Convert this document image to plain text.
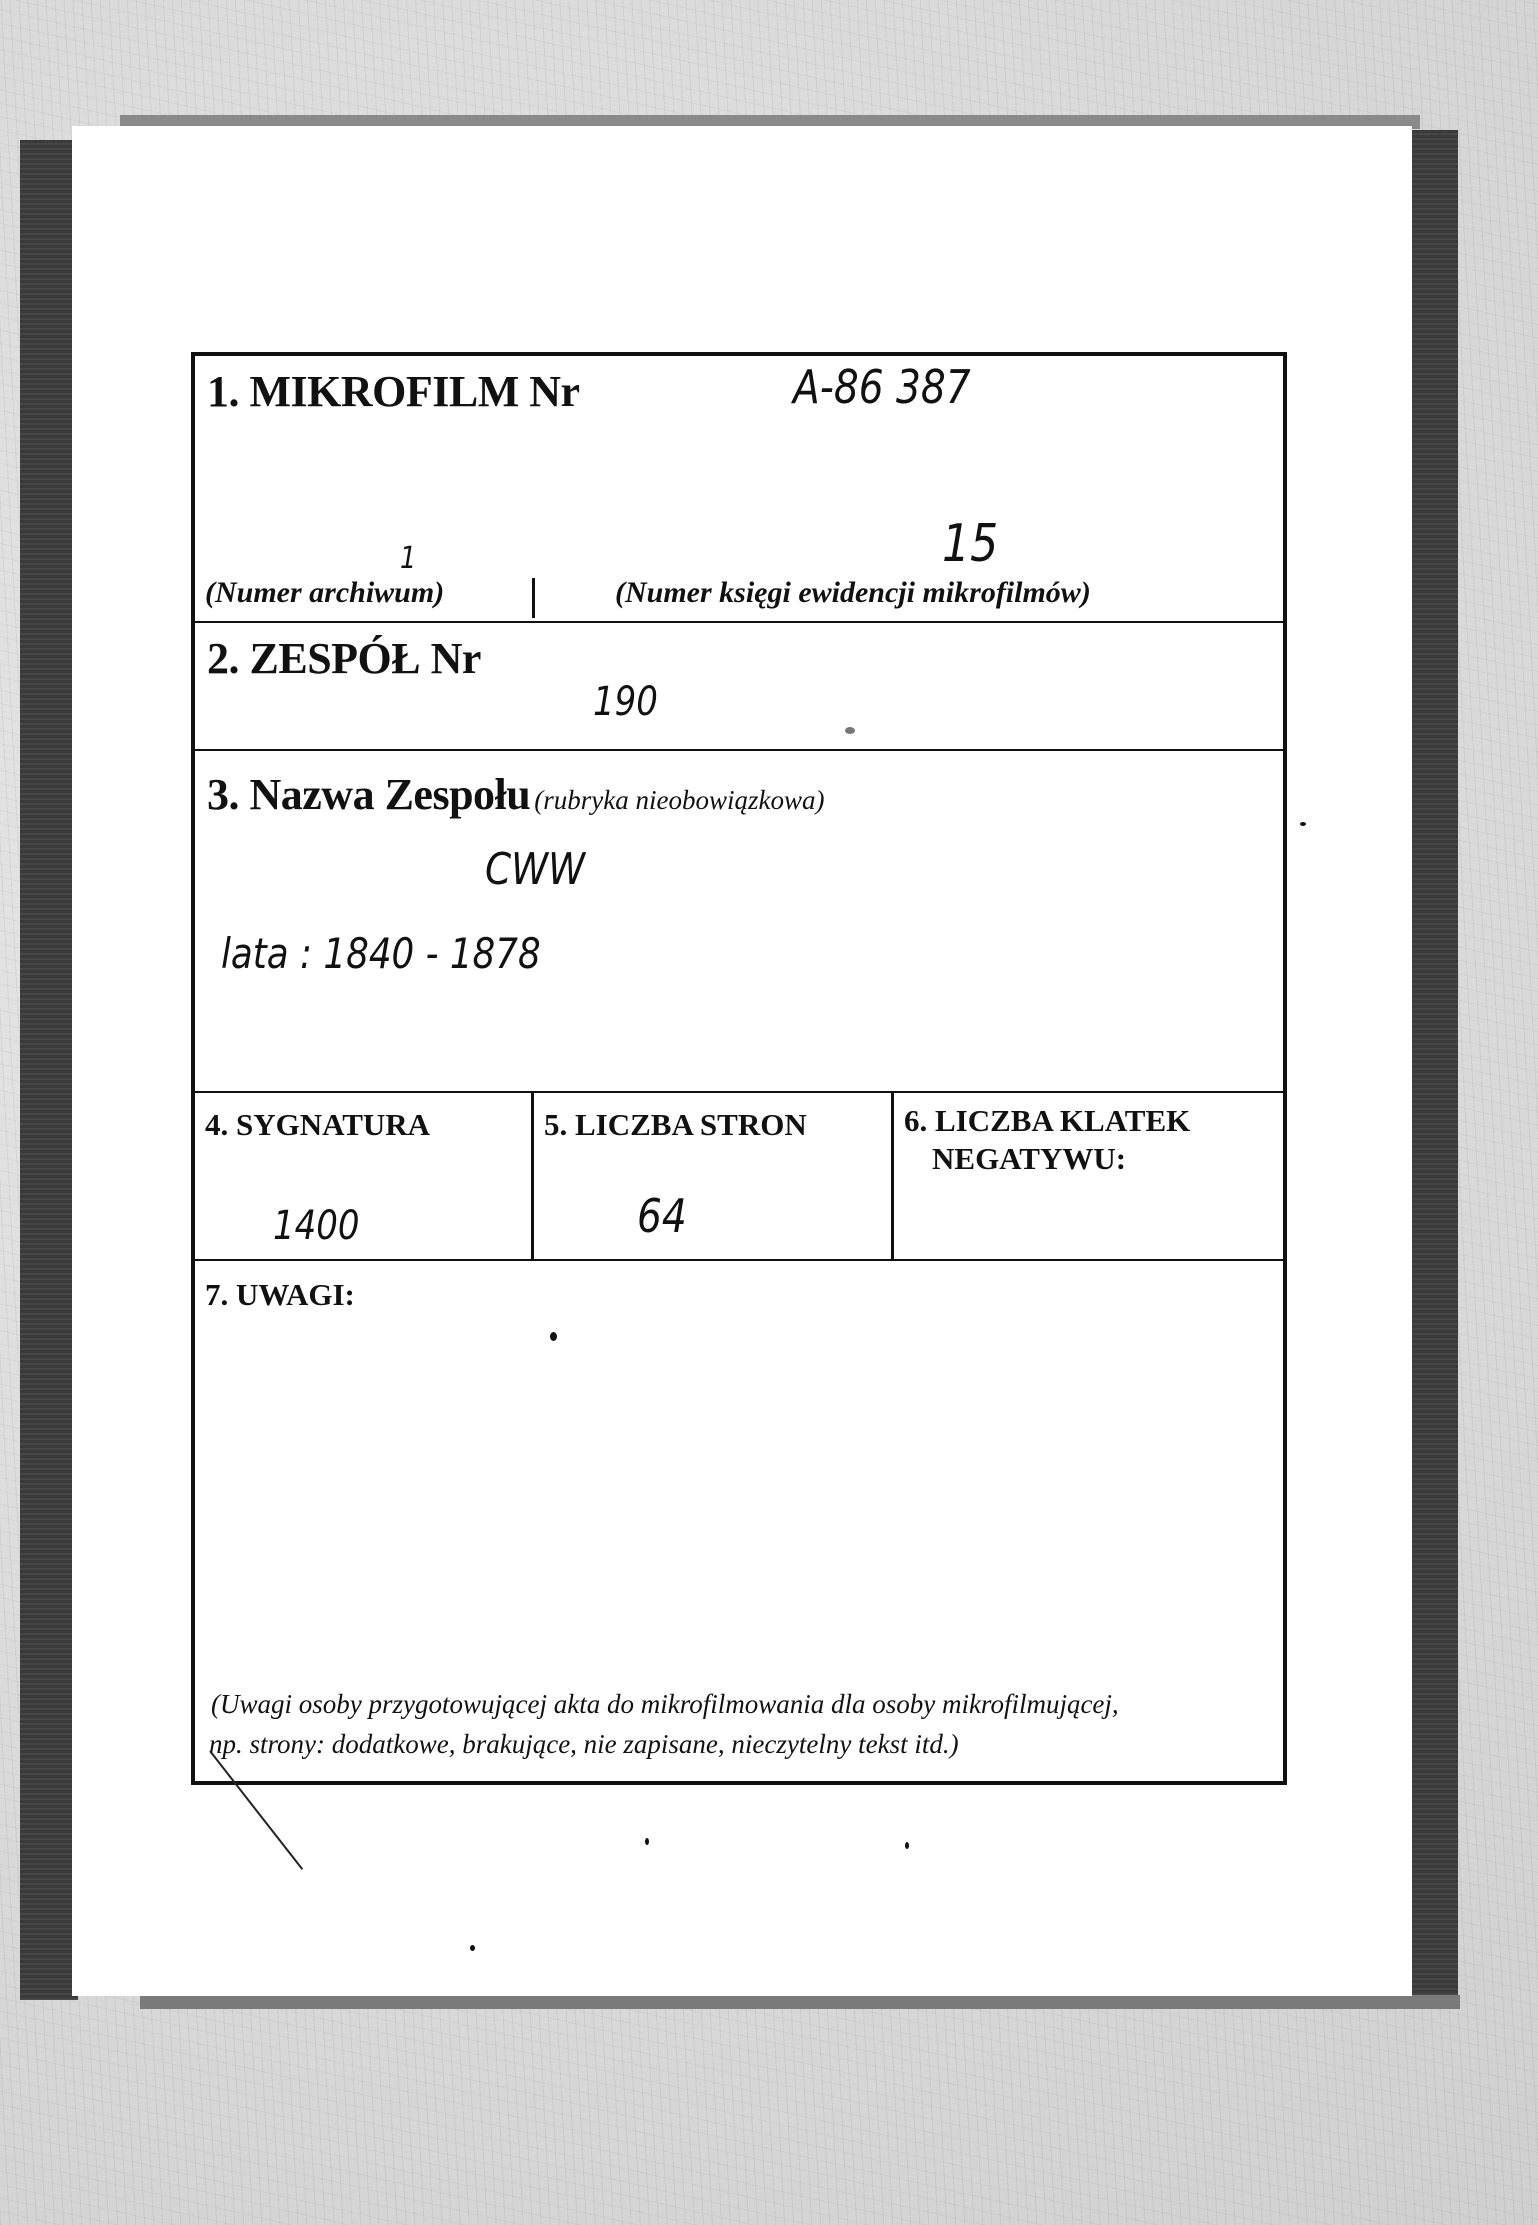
1. MIKROFILM Nr	A-86 387
1	15
(Numer archiwum)	(Numer księgi ewidencji mikrofilmów)
2. ZESPÓŁ Nr
190
3. Nazwa Zespołu (rubryka nieobowiązkowa)
CWW
lata : 1840 - 1878
4. SYGNATURA
1400
5. LICZBA STRON
64
6. LICZBA KLATEK
NEGATYWU:
7. UWAGI:
(Uwagi osoby przygotowującej akta do mikrofilmowania dla osoby mikrofilmującej,
np. strony: dodatkowe, brakujące, nie zapisane, nieczytelny tekst itd.)
